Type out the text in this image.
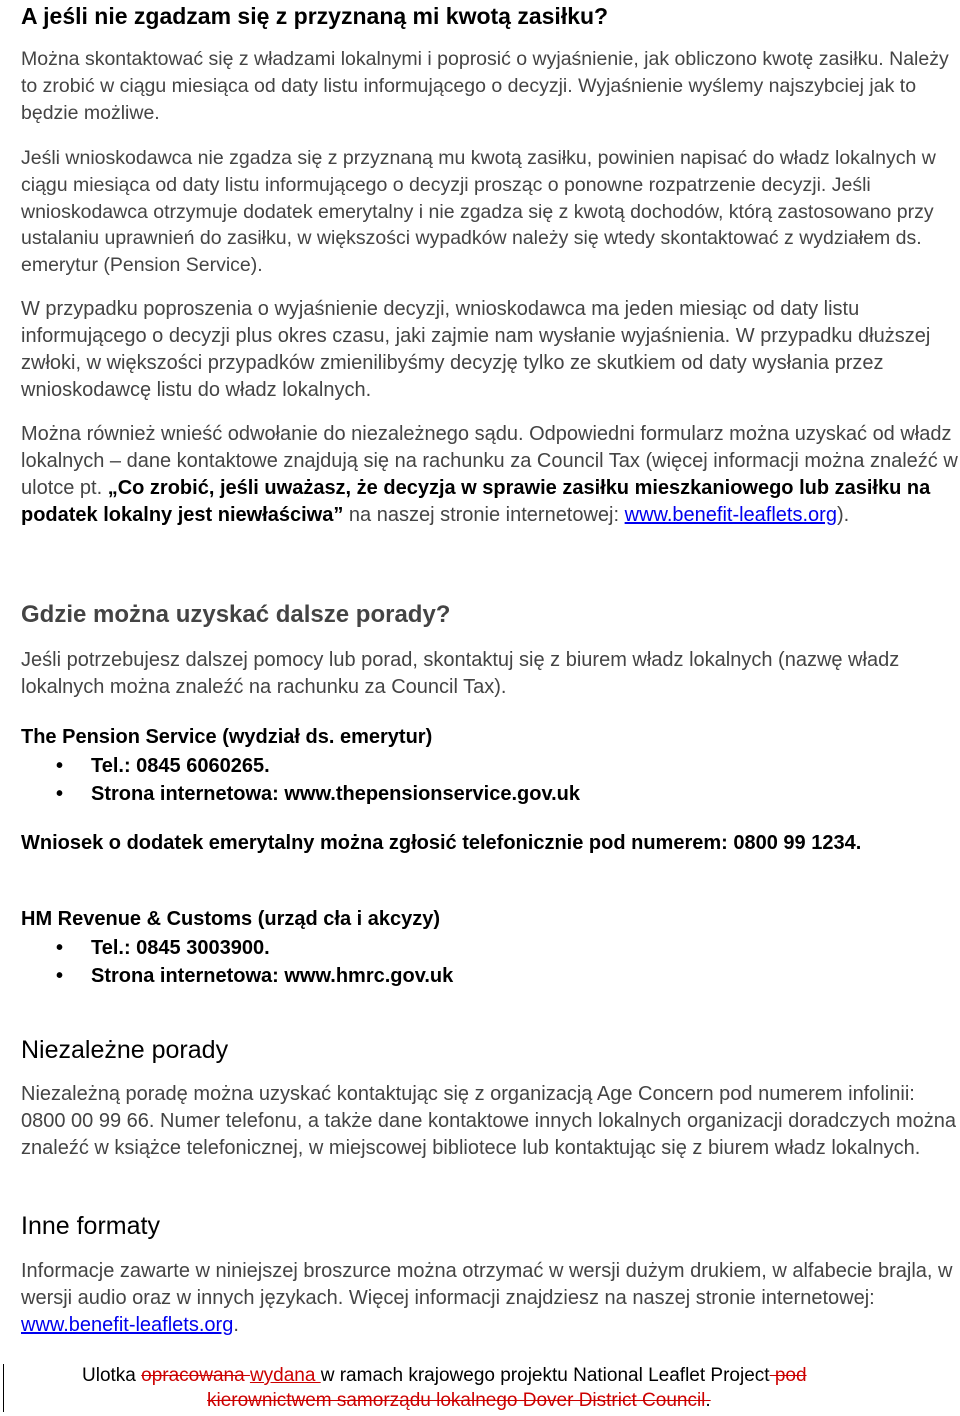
A jeśli nie zgadzam się z przyznaną mi kwotą zasiłku?
Można skontaktować się z władzami lokalnymi i poprosić o wyjaśnienie, jak obliczono kwotę zasiłku. Należy to zrobić w ciągu miesiąca od daty listu informującego o decyzji. Wyjaśnienie wyślemy najszybciej jak to będzie możliwe.
Jeśli wnioskodawca nie zgadza się z przyznaną mu kwotą zasiłku, powinien napisać do władz lokalnych w ciągu miesiąca od daty listu informującego o decyzji prosząc o ponowne rozpatrzenie decyzji. Jeśli wnioskodawca otrzymuje dodatek emerytalny i nie zgadza się z kwotą dochodów, którą zastosowano przy ustalaniu uprawnień do zasiłku, w większości wypadków należy się wtedy skontaktować z wydziałem ds. emerytur (Pension Service).
W przypadku poproszenia o wyjaśnienie decyzji, wnioskodawca ma jeden miesiąc od daty listu informującego o decyzji plus okres czasu, jaki zajmie nam wysłanie wyjaśnienia. W przypadku dłuższej zwłoki, w większości przypadków zmienilibyśmy decyzję tylko ze skutkiem od daty wysłania przez wnioskodawcę listu do władz lokalnych.
Można również wnieść odwołanie do niezależnego sądu. Odpowiedni formularz można uzyskać od władz lokalnych – dane kontaktowe znajdują się na rachunku za Council Tax (więcej informacji można znaleźć w ulotce pt. „Co zrobić, jeśli uważasz, że decyzja w sprawie zasiłku mieszkaniowego lub zasiłku na podatek lokalny jest niewłaściwa” na naszej stronie internetowej: www.benefit-leaflets.org).
Gdzie można uzyskać dalsze porady?
Jeśli potrzebujesz dalszej pomocy lub porad, skontaktuj się z biurem władz lokalnych (nazwę władz lokalnych można znaleźć na rachunku za Council Tax).
The Pension Service (wydział ds. emerytur)
• Tel.: 0845 6060265.
• Strona internetowa: www.thepensionservice.gov.uk
Wniosek o dodatek emerytalny można zgłosić telefonicznie pod numerem: 0800 99 1234.
HM Revenue & Customs (urząd cła i akcyzy)
• Tel.: 0845 3003900.
• Strona internetowa: www.hmrc.gov.uk
Niezależne porady
Niezależną poradę można uzyskać kontaktując się z organizacją Age Concern pod numerem infolinii: 0800 00 99 66. Numer telefonu, a także dane kontaktowe innych lokalnych organizacji doradczych można znaleźć w książce telefonicznej, w miejscowej bibliotece lub kontaktując się z biurem władz lokalnych.
Inne formaty
Informacje zawarte w niniejszej broszurce można otrzymać w wersji dużym drukiem, w alfabecie brajla, w wersji audio oraz w innych językach. Więcej informacji znajdziesz na naszej stronie internetowej: www.benefit-leaflets.org.
Ulotka opracowana wydana w ramach krajowego projektu National Leaflet Project pod
kierownictwem samorządu lokalnego Dover District Council.
